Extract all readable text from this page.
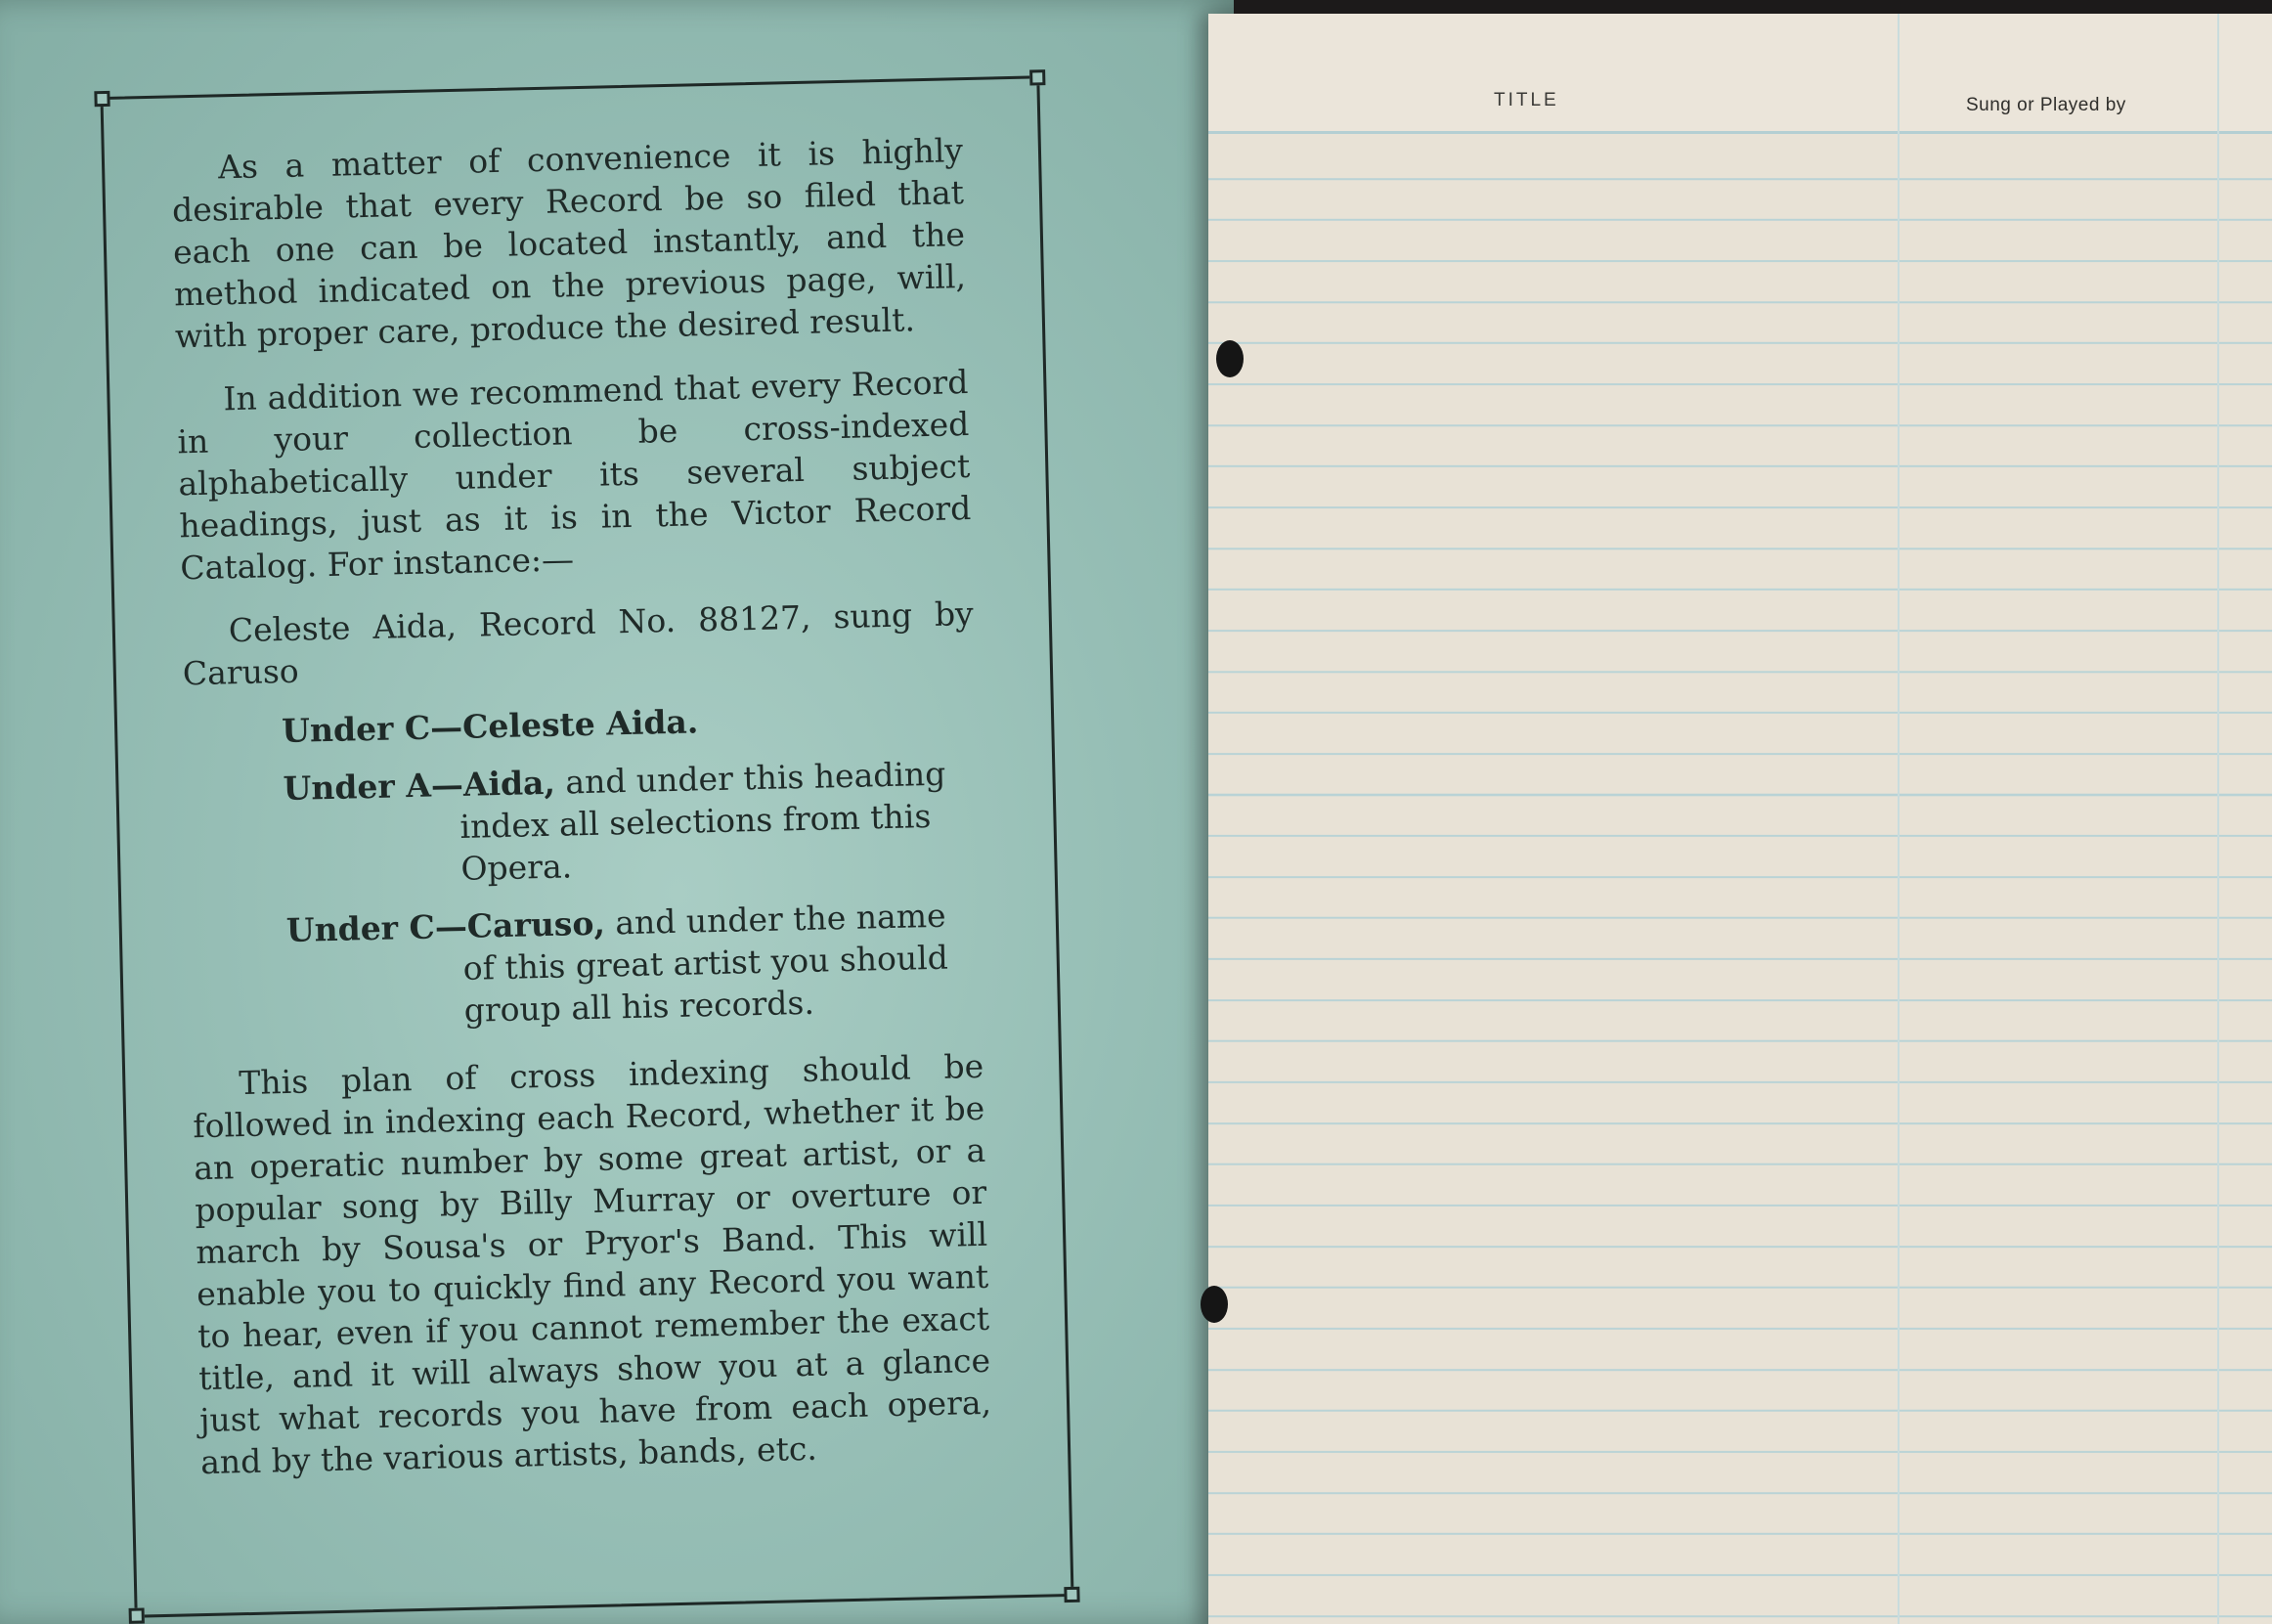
As a matter of convenience it is highly desirable that every Record be so filed that each one can be located instantly, and the method indicated on the previous page, will, with proper care, produce the desired result.

In addition we recommend that every Record in your collection be cross-indexed alphabetically under its several subject headings, just as it is in the Victor Record Catalog. For instance:—

Celeste Aida, Record No. 88127, sung by Caruso

Under C—Celeste Aida.

Under A—Aida, and under this heading index all selections from this Opera.

Under C—Caruso, and under the name of this great artist you should group all his records.

This plan of cross indexing should be followed in indexing each Record, whether it be an operatic number by some great artist, or a popular song by Billy Murray or overture or march by Sousa's or Pryor's Band. This will enable you to quickly find any Record you want to hear, even if you cannot remember the exact title, and it will always show you at a glance just what records you have from each opera, and by the various artists, bands, etc.

TITLE	Sung or Played by
